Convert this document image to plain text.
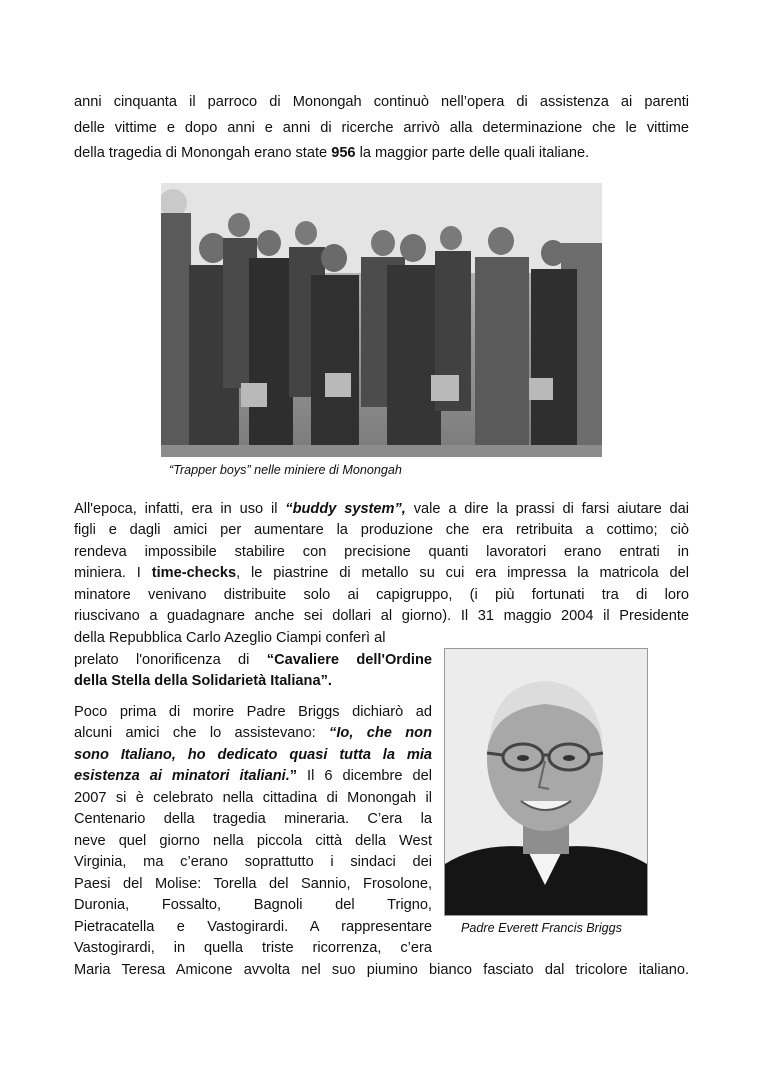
anni cinquanta il parroco di Monongah continuò nell’opera di assistenza ai parenti
delle vittime e dopo anni e anni di ricerche arrivò alla determinazione che le vittime
della tragedia di Monongah erano state 956 la maggior parte delle quali italiane.
“Trapper boys” nelle miniere di Monongah
All'epoca, infatti, era in uso il “buddy system”, vale a dire la prassi di farsi aiutare dai
figli e dagli amici per aumentare la produzione che era retribuita a cottimo; ciò
rendeva impossibile stabilire con precisione quanti lavoratori erano entrati in
miniera. I time-checks, le piastrine di metallo su cui era impressa la matricola del
minatore venivano distribuite solo ai capigruppo, (i più fortunati tra di loro
riuscivano a guadagnare anche sei dollari al giorno). Il 31 maggio 2004 il Presidente
della Repubblica Carlo Azeglio Ciampi conferì al
prelato l'onorificenza di “Cavaliere dell'Ordine
della Stella della Solidarietà Italiana”.
Padre Everett Francis Briggs
Poco prima di morire Padre Briggs dichiarò ad
alcuni amici che lo assistevano: “Io, che non
sono Italiano, ho dedicato quasi tutta la mia
esistenza ai minatori italiani.” Il 6 dicembre del
2007 si è celebrato nella cittadina di Monongah il
Centenario della tragedia mineraria. C’era la
neve quel giorno nella piccola città della West
Virginia, ma c’erano soprattutto i sindaci dei
Paesi del Molise: Torella del Sannio, Frosolone,
Duronia, Fossalto, Bagnoli del Trigno,
Pietracatella e Vastogirardi. A rappresentare
Vastogirardi, in quella triste ricorrenza, c’era
Maria Teresa Amicone avvolta nel suo piumino bianco fasciato dal tricolore italiano.
